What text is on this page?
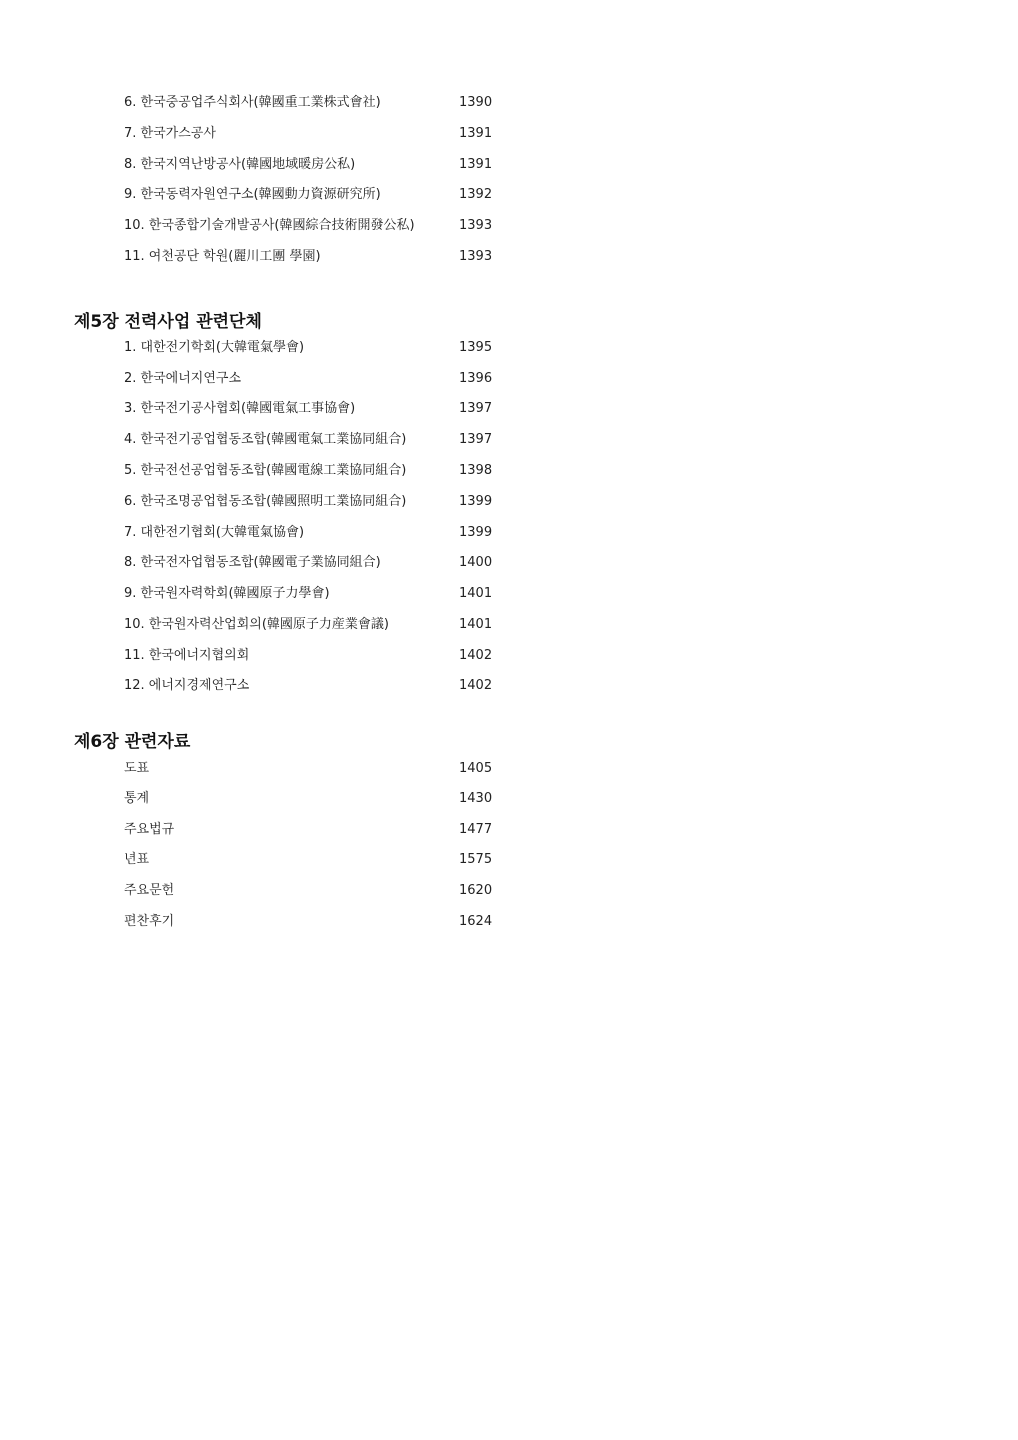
6. 한국중공업주식회사(韓國重工業株式會社)	1390
7. 한국가스공사	1391
8. 한국지역난방공사(韓國地域暖房公私)	1391
9. 한국동력자원연구소(韓國動力資源研究所)	1392
10. 한국종합기술개발공사(韓國綜合技術開發公私)	1393
11. 여천공단 학원(麗川工團 學園)	1393
제5장 전력사업 관련단체
1. 대한전기학회(大韓電氣學會)	1395
2. 한국에너지연구소	1396
3. 한국전기공사협회(韓國電氣工事協會)	1397
4. 한국전기공업협동조합(韓國電氣工業協同組合)	1397
5. 한국전선공업협동조합(韓國電線工業協同組合)	1398
6. 한국조명공업협동조합(韓國照明工業協同組合)	1399
7. 대한전기협회(大韓電氣協會)	1399
8. 한국전자업협동조합(韓國電子業協同組合)	1400
9. 한국원자력학회(韓國原子力學會)	1401
10. 한국원자력산업회의(韓國原子力産業會議)	1401
11. 한국에너지협의회	1402
12. 에너지경제연구소	1402
제6장 관련자료
도표	1405
통계	1430
주요법규	1477
년표	1575
주요문헌	1620
편찬후기	1624
